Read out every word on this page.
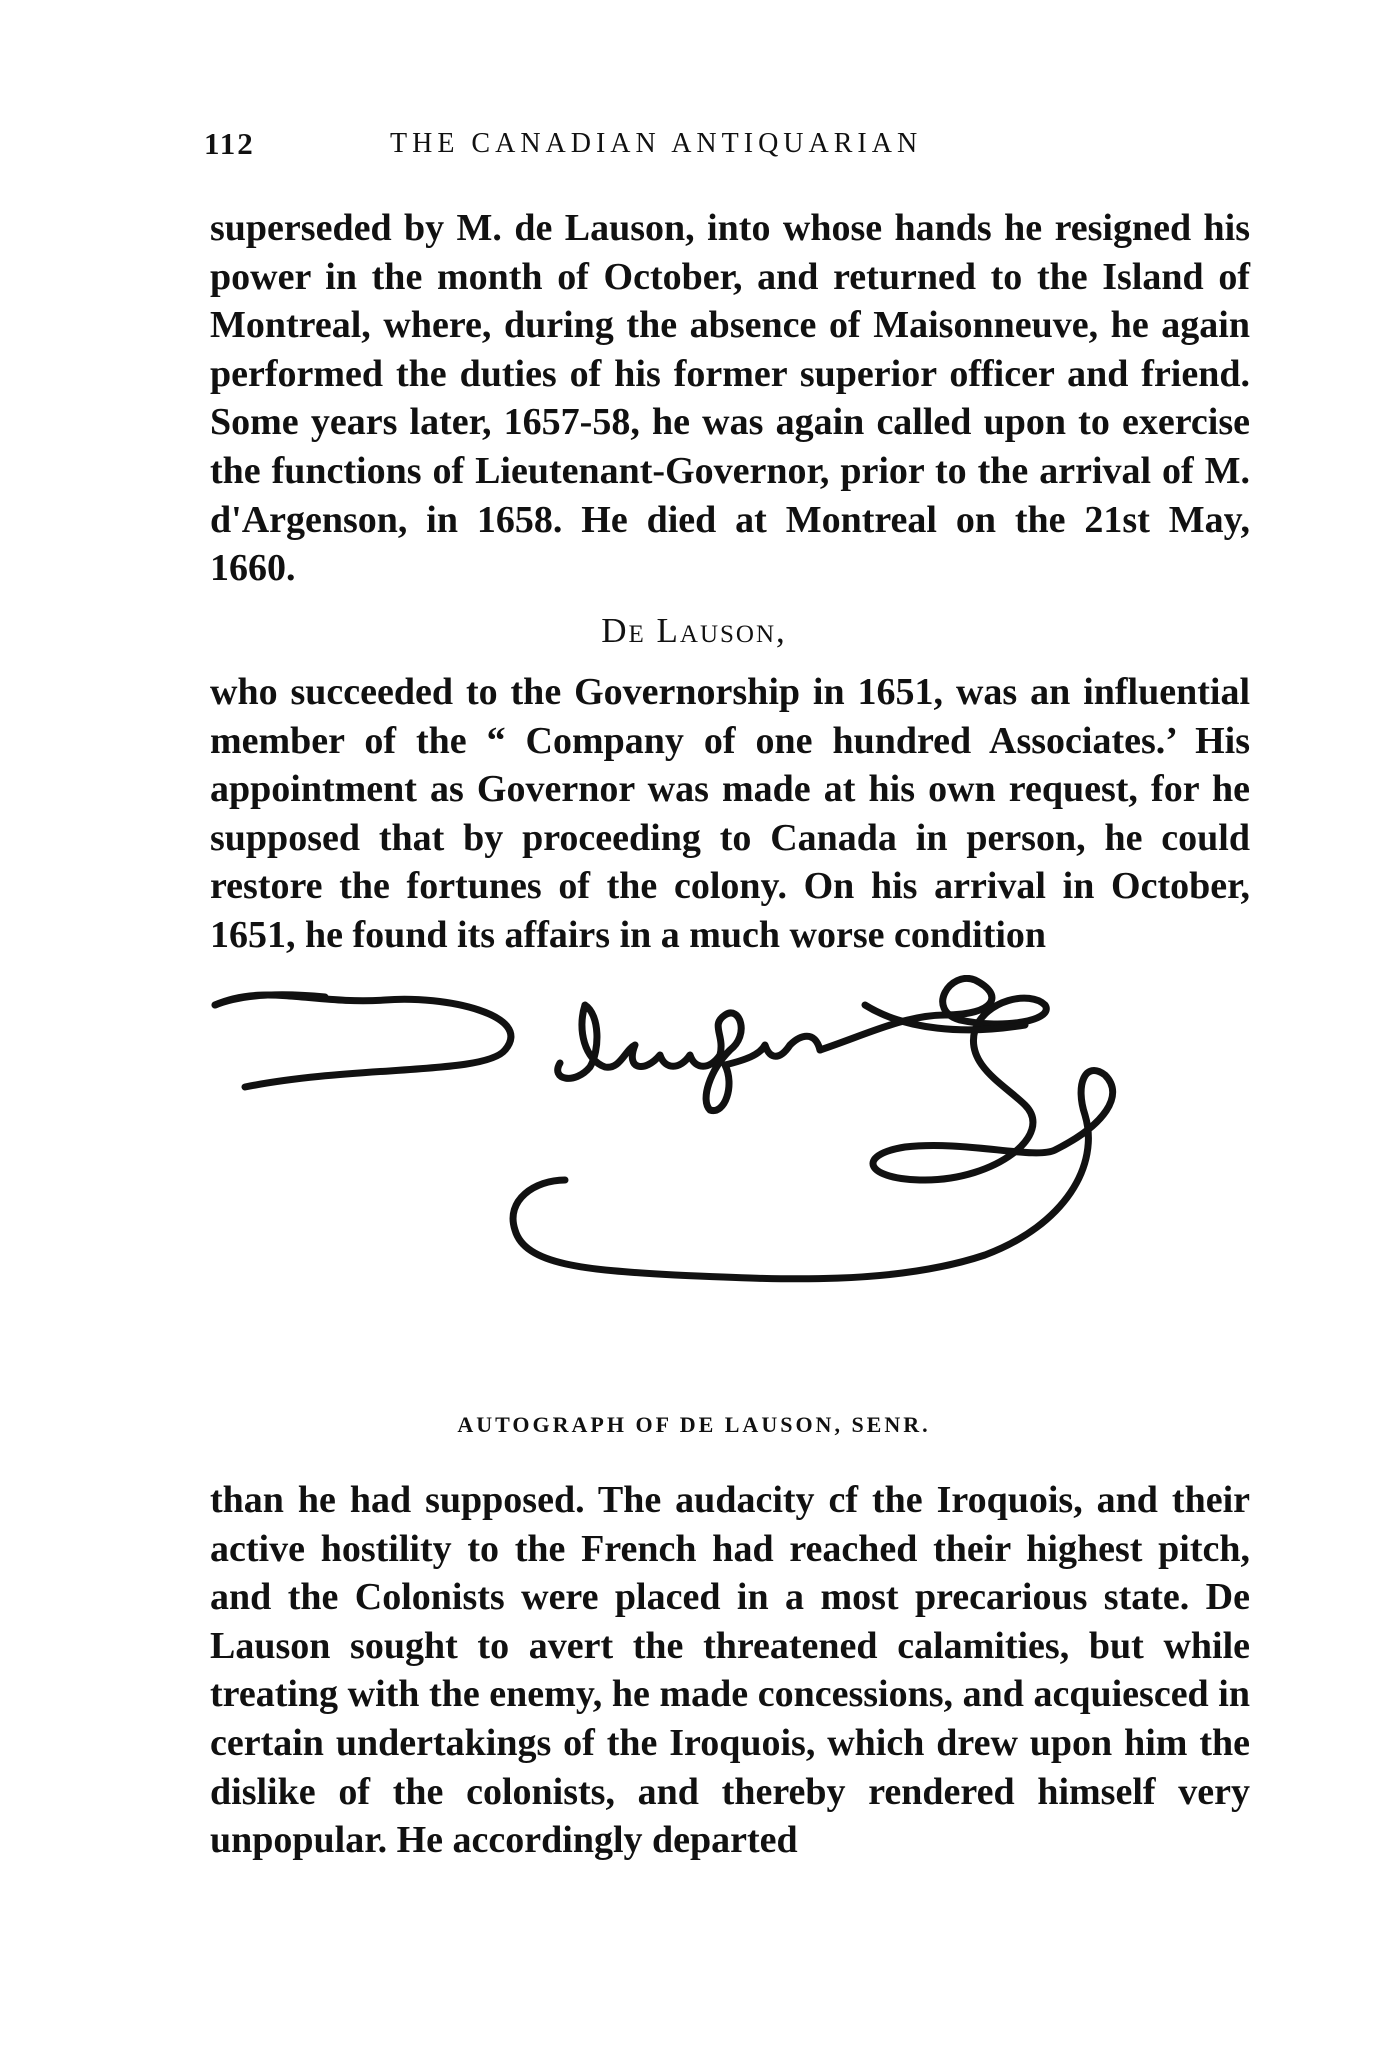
112	THE CANADIAN ANTIQUARIAN

superseded by M. de Lauson, into whose hands he resigned his power in the month of October, and returned to the Island of Montreal, where, during the absence of Maisonneuve, he again performed the duties of his former superior officer and friend. Some years later, 1657-58, he was again called upon to exercise the functions of Lieutenant-Governor, prior to the arrival of M. d'Argenson, in 1658. He died at Montreal on the 21st May, 1660.

De Lauson,

who succeeded to the Governorship in 1651, was an influential member of the “ Company of one hundred Associates.’ His appointment as Governor was made at his own request, for he supposed that by proceeding to Canada in person, he could restore the fortunes of the colony. On his arrival in October, 1651, he found its affairs in a much worse condition

AUTOGRAPH OF DE LAUSON, SENR.

than he had supposed. The audacity cf the Iroquois, and their active hostility to the French had reached their highest pitch, and the Colonists were placed in a most precarious state. De Lauson sought to avert the threatened calamities, but while treating with the enemy, he made concessions, and acquiesced in certain undertakings of the Iroquois, which drew upon him the dislike of the colonists, and thereby rendered himself very unpopular. He accordingly departed
